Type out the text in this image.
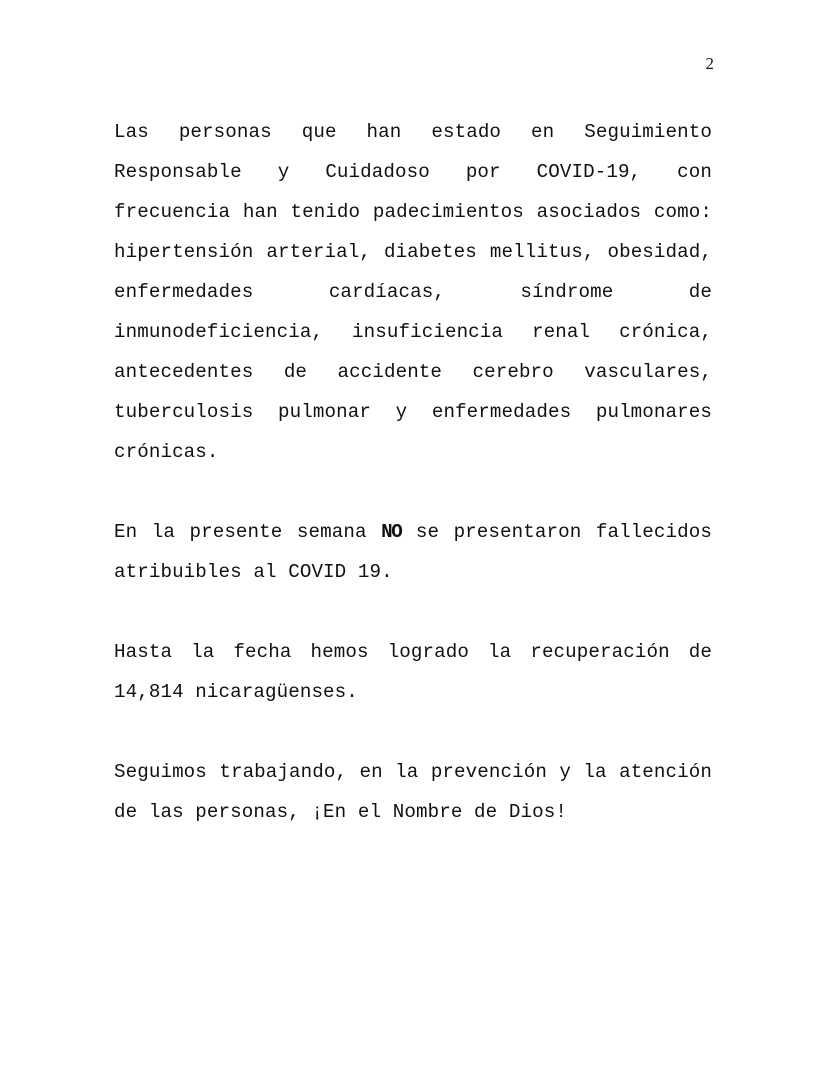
2

Las personas que han estado en Seguimiento Responsable y Cuidadoso por COVID-19, con frecuencia han tenido padecimientos asociados como: hipertensión arterial, diabetes mellitus, obesidad, enfermedades cardíacas, síndrome de inmunodeficiencia, insuficiencia renal crónica, antecedentes de accidente cerebro vasculares, tuberculosis pulmonar y enfermedades pulmonares crónicas.

En la presente semana NO se presentaron fallecidos atribuibles al COVID 19.

Hasta la fecha hemos logrado la recuperación de 14,814 nicaragüenses.

Seguimos trabajando, en la prevención y la atención de las personas, ¡En el Nombre de Dios!
